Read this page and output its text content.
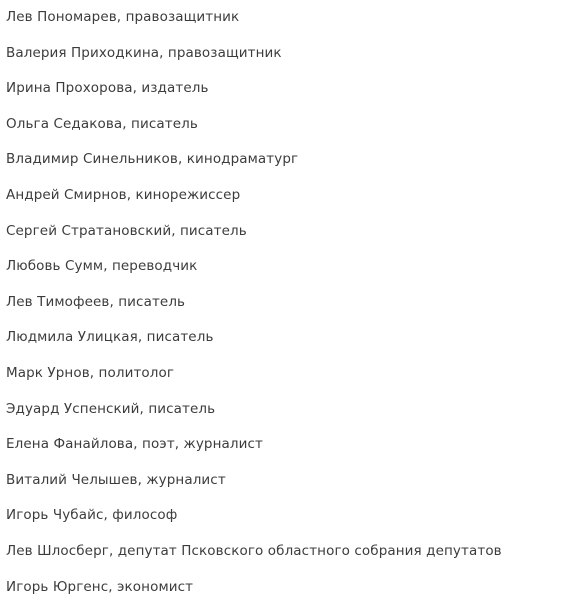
Лев Пономарев, правозащитник
Валерия Приходкина, правозащитник
Ирина Прохорова, издатель
Ольга Седакова, писатель
Владимир Синельников, кинодраматург
Андрей Смирнов, кинорежиссер
Сергей Стратановский, писатель
Любовь Сумм, переводчик
Лев Тимофеев, писатель
Людмила Улицкая, писатель
Марк Урнов, политолог
Эдуард Успенский, писатель
Елена Фанайлова, поэт, журналист
Виталий Челышев, журналист
Игорь Чубайс, философ
Лев Шлосберг, депутат Псковского областного собрания депутатов
Игорь Юргенс, экономист
